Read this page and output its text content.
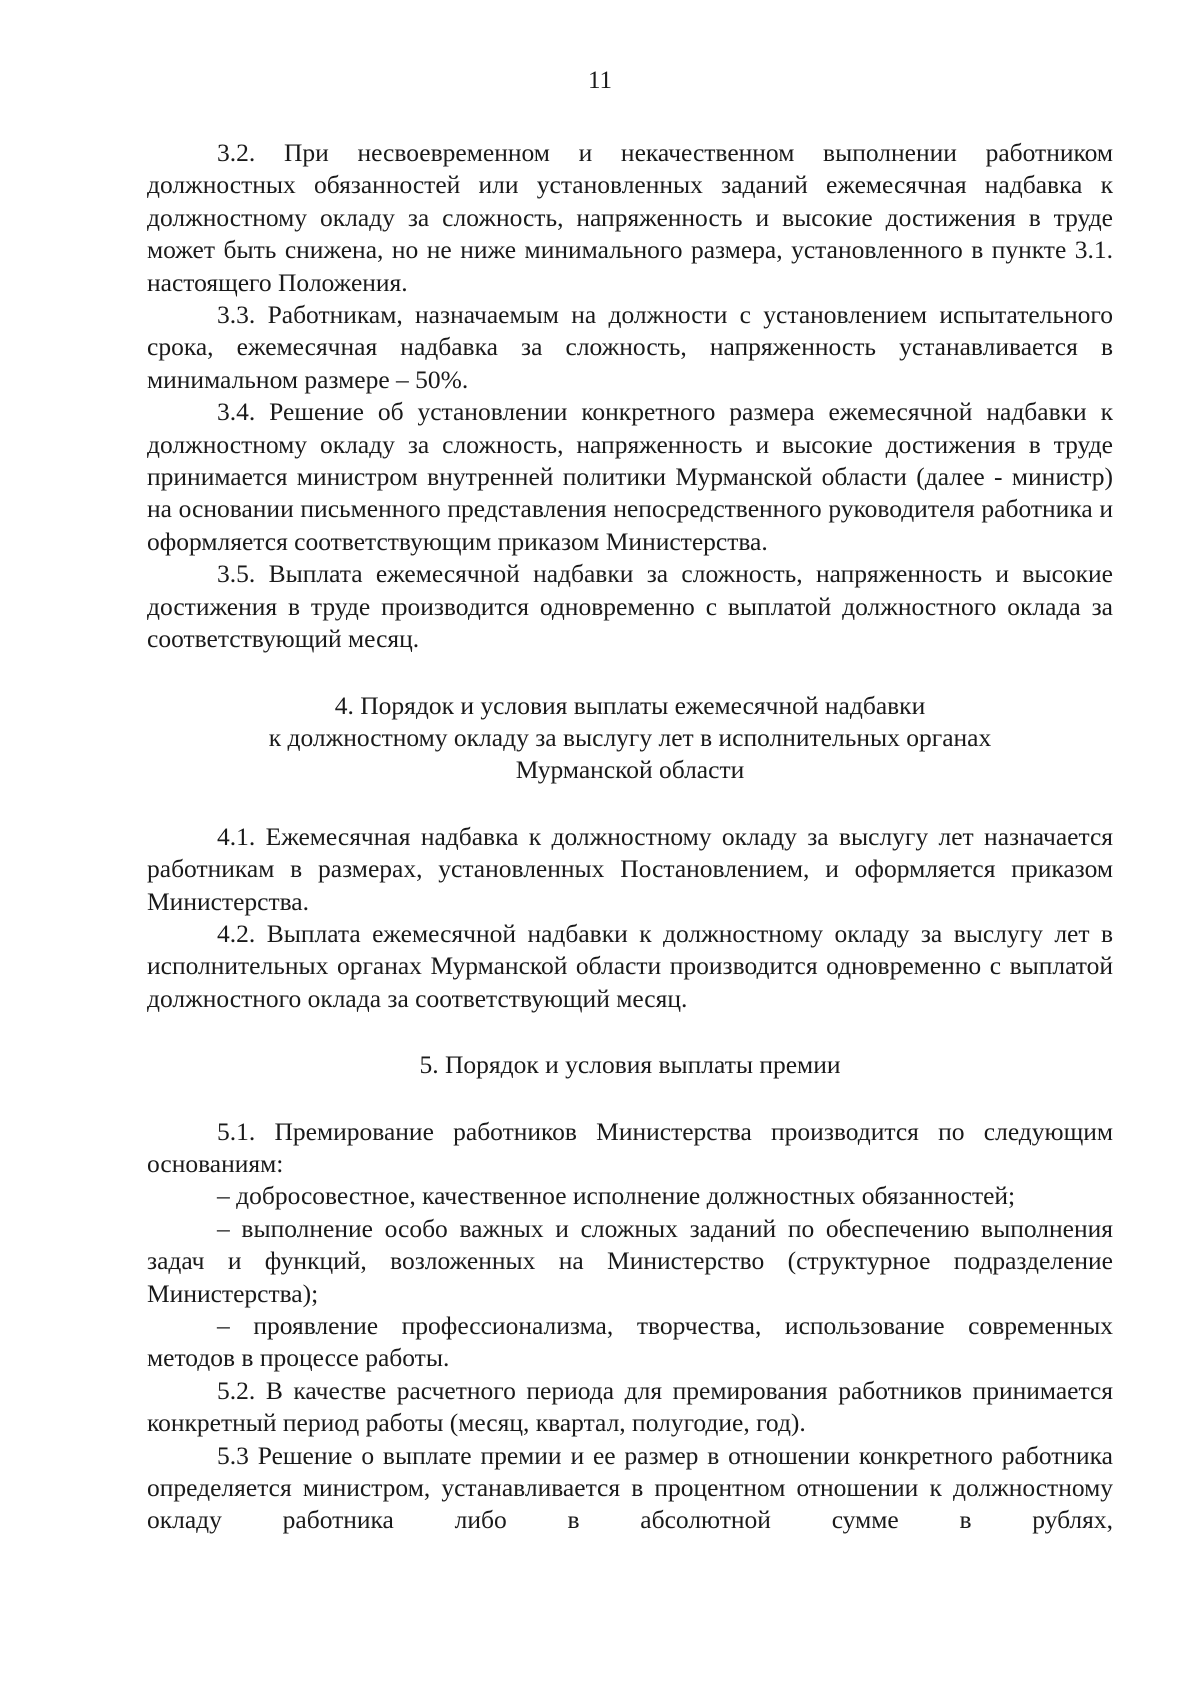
11

3.2. При несвоевременном и некачественном выполнении работником должностных обязанностей или установленных заданий ежемесячная надбавка к должностному окладу за сложность, напряженность и высокие достижения в труде может быть снижена, но не ниже минимального размера, установленного в пункте 3.1. настоящего Положения.

3.3. Работникам, назначаемым на должности с установлением испытательного срока, ежемесячная надбавка за сложность, напряженность устанавливается в минимальном размере – 50%.

3.4. Решение об установлении конкретного размера ежемесячной надбавки к должностному окладу за сложность, напряженность и высокие достижения в труде принимается министром внутренней политики Мурманской области (далее - министр) на основании письменного представления непосредственного руководителя работника и оформляется соответствующим приказом Министерства.

3.5. Выплата ежемесячной надбавки за сложность, напряженность и высокие достижения в труде производится одновременно с выплатой должностного оклада за соответствующий месяц.

4. Порядок и условия выплаты ежемесячной надбавки

к должностному окладу за выслугу лет в исполнительных органах

Мурманской области

4.1. Ежемесячная надбавка к должностному окладу за выслугу лет назначается работникам в размерах, установленных Постановлением, и оформляется приказом Министерства.

4.2. Выплата ежемесячной надбавки к должностному окладу за выслугу лет в исполнительных органах Мурманской области производится одновременно с выплатой должностного оклада за соответствующий месяц.

5. Порядок и условия выплаты премии

5.1. Премирование работников Министерства производится по следующим основаниям:

– добросовестное, качественное исполнение должностных обязанностей;

– выполнение особо важных и сложных заданий по обеспечению выполнения задач и функций, возложенных на Министерство (структурное подразделение Министерства);

– проявление профессионализма, творчества, использование современных методов в процессе работы.

5.2. В качестве расчетного периода для премирования работников принимается конкретный период работы (месяц, квартал, полугодие, год).

5.3 Решение о выплате премии и ее размер в отношении конкретного работника определяется министром, устанавливается в процентном отношении к должностному окладу работника либо в абсолютной сумме в рублях,
